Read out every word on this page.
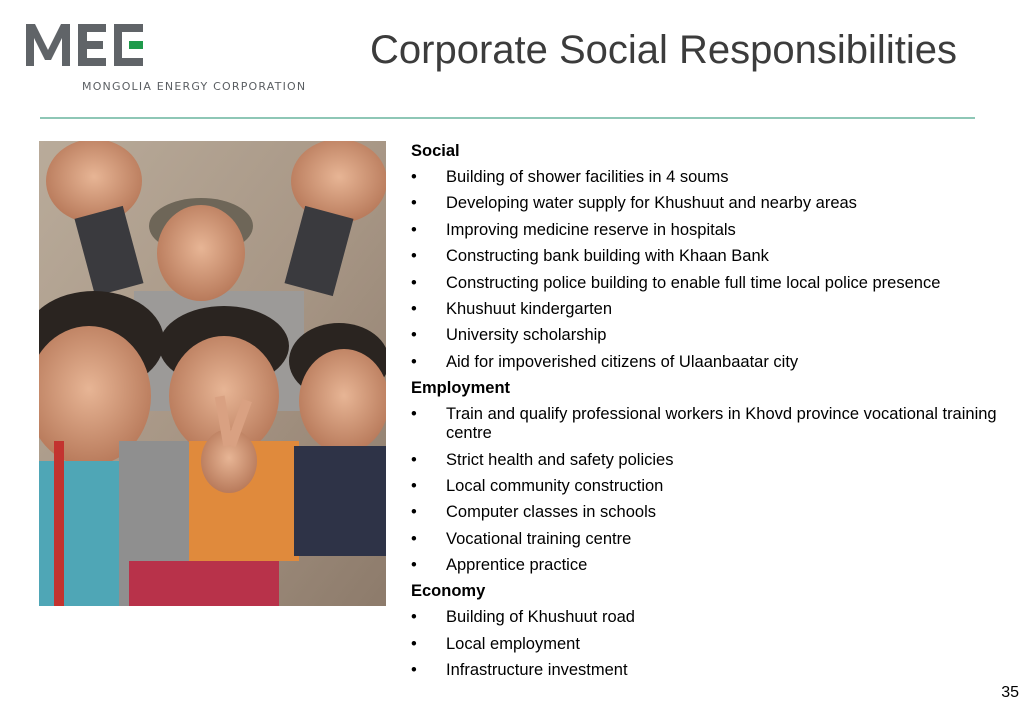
MONGOLIA ENERGY CORPORATION
Corporate Social Responsibilities
Social
• Building of shower facilities in 4 soums
• Developing water supply for Khushuut and nearby areas
• Improving medicine reserve in hospitals
• Constructing bank building with Khaan Bank
• Constructing police building to enable full time local police presence
• Khushuut kindergarten
• University scholarship
• Aid for impoverished citizens of Ulaanbaatar city
Employment
• Train and qualify professional workers in Khovd province vocational training centre
• Strict health and safety policies
• Local community construction
• Computer classes in schools
• Vocational training centre
• Apprentice practice
Economy
• Building of Khushuut road
• Local employment
• Infrastructure investment
35
